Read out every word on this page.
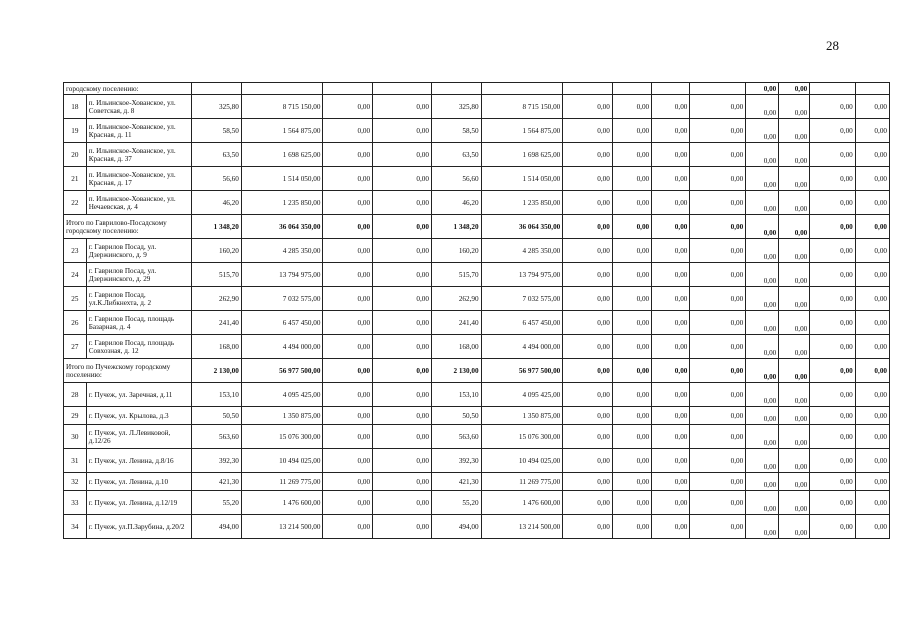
28
городскому поселению:												0,00	0,00		
18	п. Ильинское-Хованское, ул. Советская, д. 8	325,80	8 715 150,00	0,00	0,00	325,80	8 715 150,00	0,00	0,00	0,00	0,00	0,00	0,00	0,00	0,00
19	п. Ильинское-Хованское, ул. Красная, д. 11	58,50	1 564 875,00	0,00	0,00	58,50	1 564 875,00	0,00	0,00	0,00	0,00	0,00	0,00	0,00	0,00
20	п. Ильинское-Хованское, ул. Красная, д. 37	63,50	1 698 625,00	0,00	0,00	63,50	1 698 625,00	0,00	0,00	0,00	0,00	0,00	0,00	0,00	0,00
21	п. Ильинское-Хованское, ул. Красная, д. 17	56,60	1 514 050,00	0,00	0,00	56,60	1 514 050,00	0,00	0,00	0,00	0,00	0,00	0,00	0,00	0,00
22	п. Ильинское-Хованское, ул. Нечаевская, д. 4	46,20	1 235 850,00	0,00	0,00	46,20	1 235 850,00	0,00	0,00	0,00	0,00	0,00	0,00	0,00	0,00
Итого по Гаврилово-Посадскому городскому поселению:		1 348,20	36 064 350,00	0,00	0,00	1 348,20	36 064 350,00	0,00	0,00	0,00	0,00	0,00	0,00	0,00	0,00
23	г. Гаврилов Посад, ул. Дзержинского, д. 9	160,20	4 285 350,00	0,00	0,00	160,20	4 285 350,00	0,00	0,00	0,00	0,00	0,00	0,00	0,00	0,00
24	г. Гаврилов Посад, ул. Дзержинского, д. 29	515,70	13 794 975,00	0,00	0,00	515,70	13 794 975,00	0,00	0,00	0,00	0,00	0,00	0,00	0,00	0,00
25	г. Гаврилов Посад, ул.К.Либкнехта, д. 2	262,90	7 032 575,00	0,00	0,00	262,90	7 032 575,00	0,00	0,00	0,00	0,00	0,00	0,00	0,00	0,00
26	г. Гаврилов Посад, площадь Базарная, д. 4	241,40	6 457 450,00	0,00	0,00	241,40	6 457 450,00	0,00	0,00	0,00	0,00	0,00	0,00	0,00	0,00
27	г. Гаврилов Посад, площадь Совхозная, д. 12	168,00	4 494 000,00	0,00	0,00	168,00	4 494 000,00	0,00	0,00	0,00	0,00	0,00	0,00	0,00	0,00
Итого по Пучежскому городскому поселению:		2 130,00	56 977 500,00	0,00	0,00	2 130,00	56 977 500,00	0,00	0,00	0,00	0,00	0,00	0,00	0,00	0,00
28	г. Пучеж, ул. Заречная, д.11	153,10	4 095 425,00	0,00	0,00	153,10	4 095 425,00	0,00	0,00	0,00	0,00	0,00	0,00	0,00	0,00
29	г. Пучеж, ул. Крылова, д.3	50,50	1 350 875,00	0,00	0,00	50,50	1 350 875,00	0,00	0,00	0,00	0,00	0,00	0,00	0,00	0,00
30	г. Пучеж, ул. Л.Левиковой, д.12/26	563,60	15 076 300,00	0,00	0,00	563,60	15 076 300,00	0,00	0,00	0,00	0,00	0,00	0,00	0,00	0,00
31	г. Пучеж, ул. Ленина, д.8/16	392,30	10 494 025,00	0,00	0,00	392,30	10 494 025,00	0,00	0,00	0,00	0,00	0,00	0,00	0,00	0,00
32	г. Пучеж, ул. Ленина, д.10	421,30	11 269 775,00	0,00	0,00	421,30	11 269 775,00	0,00	0,00	0,00	0,00	0,00	0,00	0,00	0,00
33	г. Пучеж, ул. Ленина, д.12/19	55,20	1 476 600,00	0,00	0,00	55,20	1 476 600,00	0,00	0,00	0,00	0,00	0,00	0,00	0,00	0,00
34	г. Пучеж, ул.П.Зарубина, д.20/2	494,00	13 214 500,00	0,00	0,00	494,00	13 214 500,00	0,00	0,00	0,00	0,00	0,00	0,00	0,00	0,00
